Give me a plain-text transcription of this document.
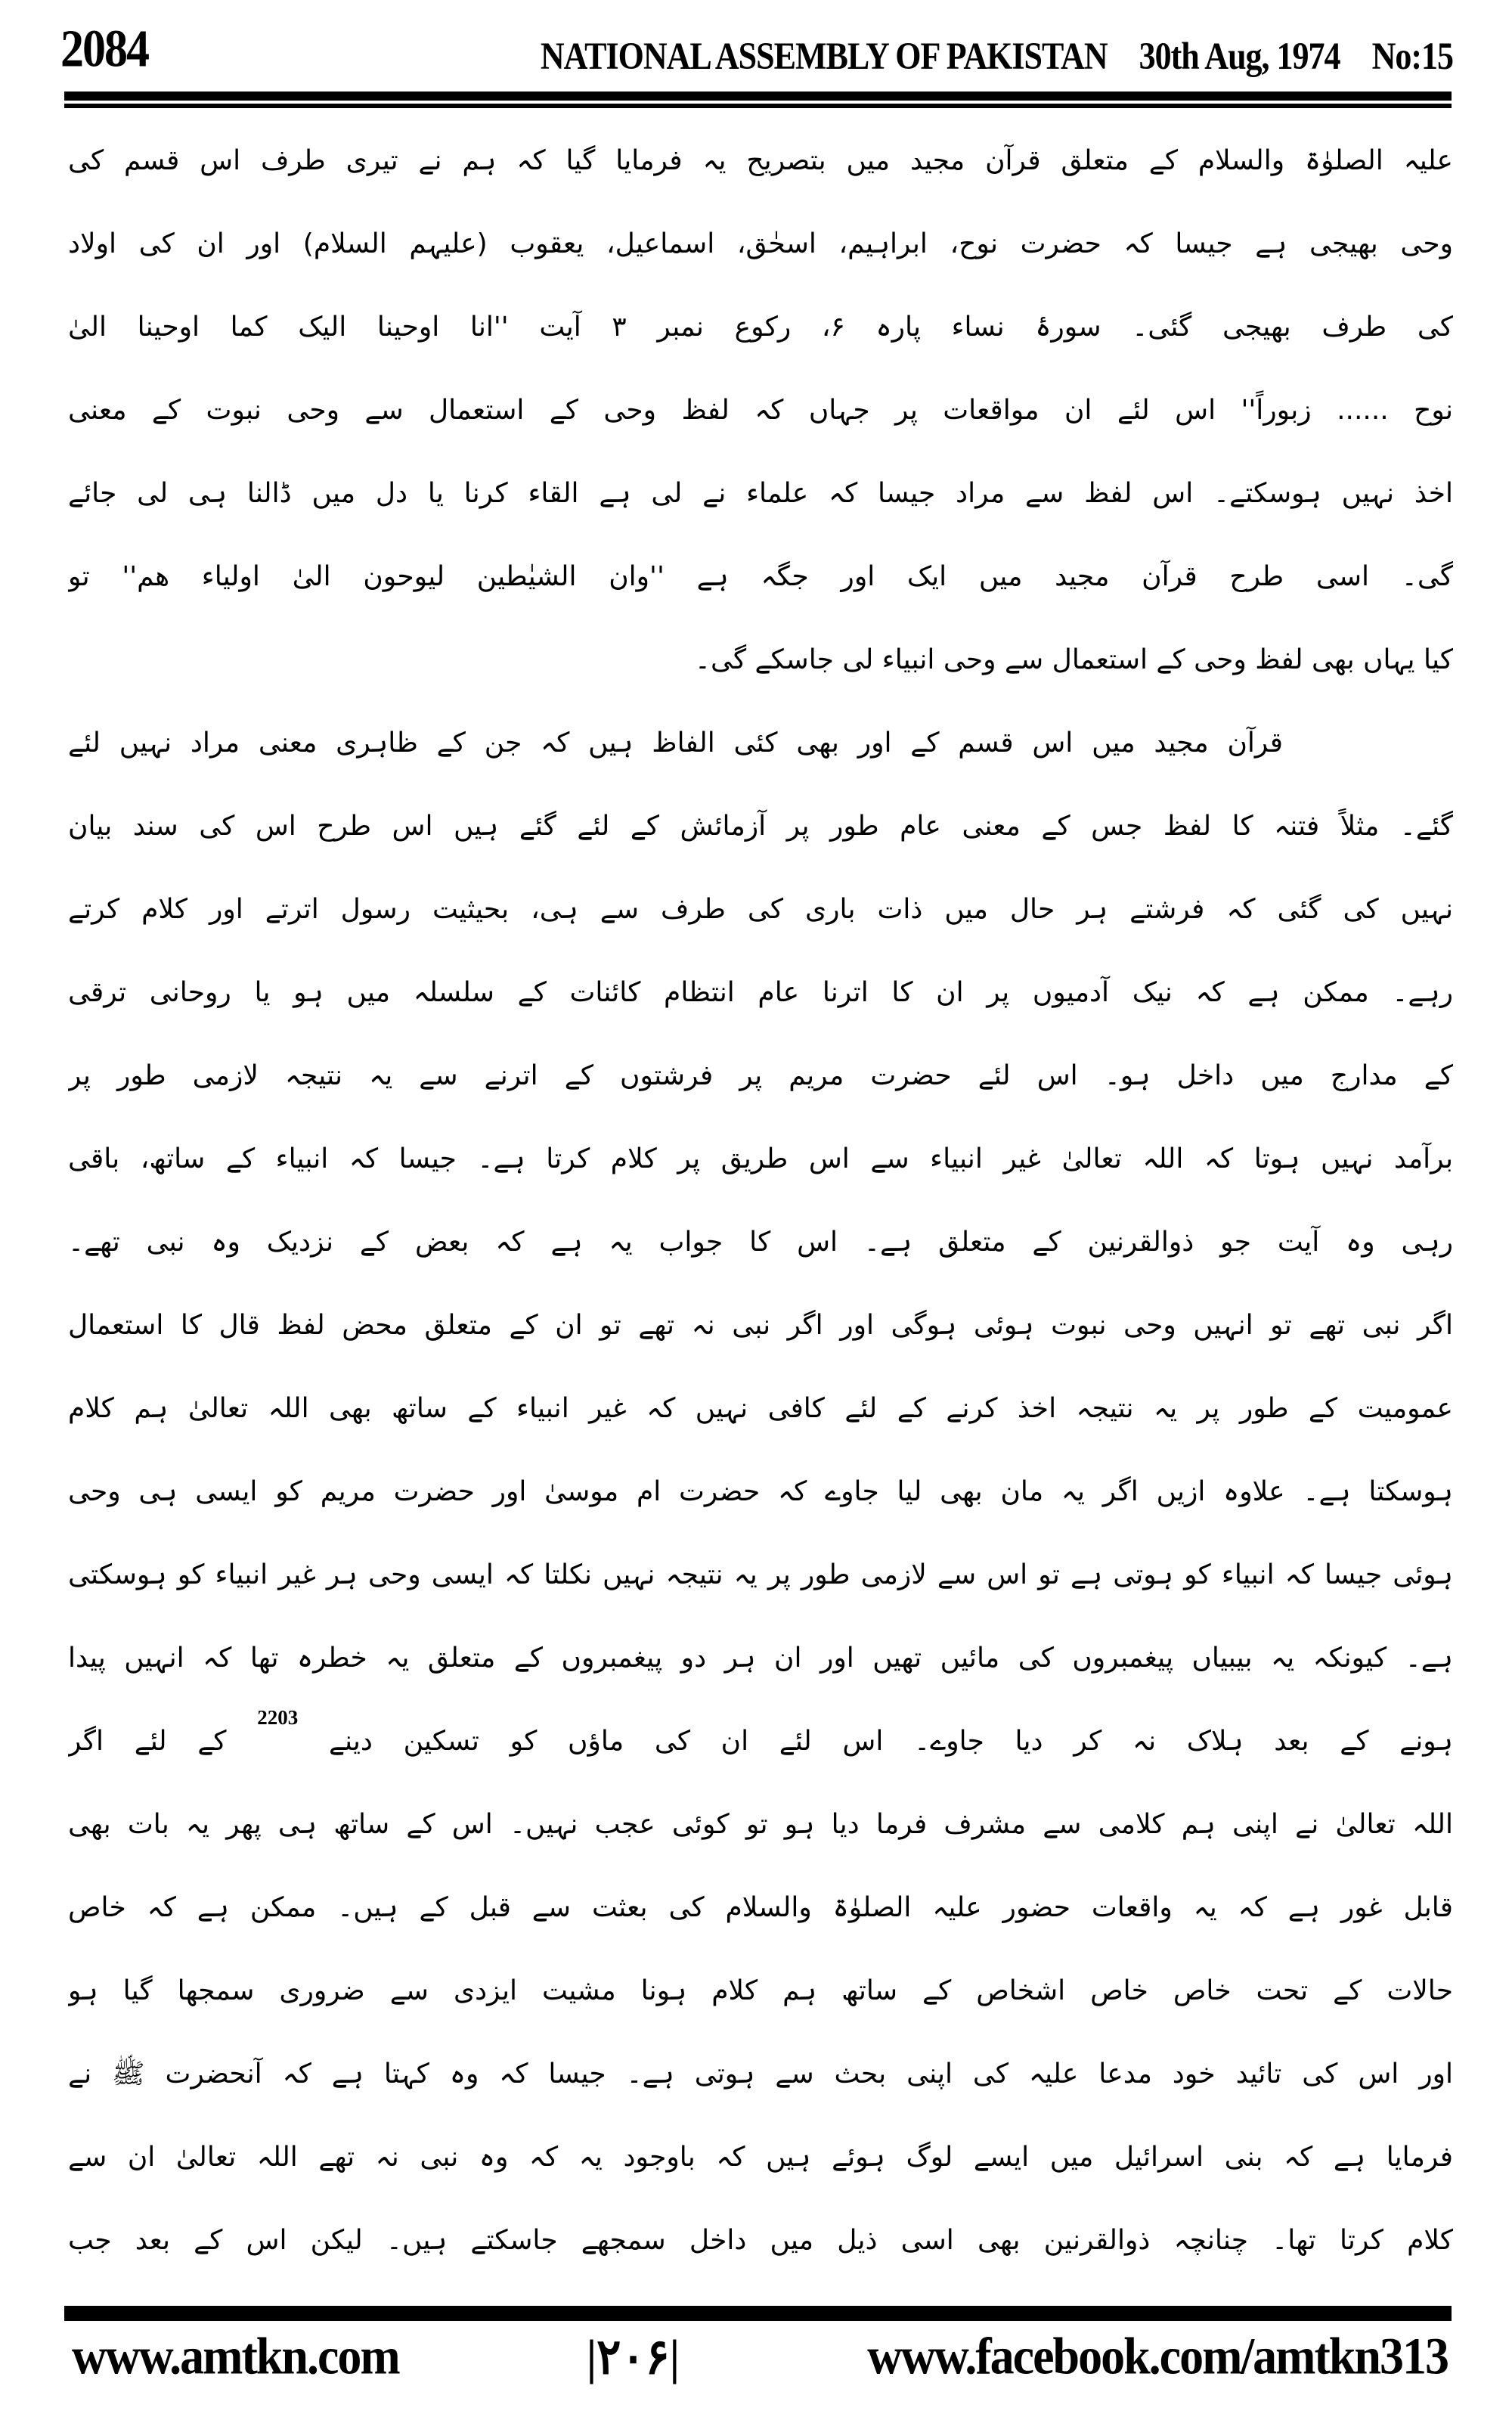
2084	NATIONAL ASSEMBLY OF PAKISTAN 30th Aug, 1974 No:15
علیہ الصلوٰۃ والسلام کے متعلق قرآن مجید میں بتصریح یہ فرمایا گیا کہ ہم نے تیری طرف اس قسم کی
وحی بھیجی ہے جیسا کہ حضرت نوح، ابراہیم، اسحٰق، اسماعیل، یعقوب (علیہم السلام) اور ان کی اولاد
کی طرف بھیجی گئی۔ سورۂ نساء پارہ ۶، رکوع نمبر ۳ آیت ''انا اوحینا الیک کما اوحینا الیٰ
نوح ...... زبوراً'' اس لئے ان مواقعات پر جہاں کہ لفظ وحی کے استعمال سے وحی نبوت کے معنی
اخذ نہیں ہوسکتے۔ اس لفظ سے مراد جیسا کہ علماء نے لی ہے القاء کرنا یا دل میں ڈالنا ہی لی جائے
گی۔ اسی طرح قرآن مجید میں ایک اور جگہ ہے ''وان الشیٰطین لیوحون الیٰ اولیاء ھم'' تو
کیا یہاں بھی لفظ وحی کے استعمال سے وحی انبیاء لی جاسکے گی۔
قرآن مجید میں اس قسم کے اور بھی کئی الفاظ ہیں کہ جن کے ظاہری معنی مراد نہیں لئے
گئے۔ مثلاً فتنہ کا لفظ جس کے معنی عام طور پر آزمائش کے لئے گئے ہیں اس طرح اس کی سند بیان
نہیں کی گئی کہ فرشتے ہر حال میں ذات باری کی طرف سے ہی، بحیثیت رسول اترتے اور کلام کرتے
رہے۔ ممکن ہے کہ نیک آدمیوں پر ان کا اترنا عام انتظام کائنات کے سلسلہ میں ہو یا روحانی ترقی
کے مدارج میں داخل ہو۔ اس لئے حضرت مریم پر فرشتوں کے اترنے سے یہ نتیجہ لازمی طور پر
برآمد نہیں ہوتا کہ اللہ تعالیٰ غیر انبیاء سے اس طریق پر کلام کرتا ہے۔ جیسا کہ انبیاء کے ساتھ، باقی
رہی وہ آیت جو ذوالقرنین کے متعلق ہے۔ اس کا جواب یہ ہے کہ بعض کے نزدیک وہ نبی تھے۔
اگر نبی تھے تو انہیں وحی نبوت ہوئی ہوگی اور اگر نبی نہ تھے تو ان کے متعلق محض لفظ قال کا استعمال
عمومیت کے طور پر یہ نتیجہ اخذ کرنے کے لئے کافی نہیں کہ غیر انبیاء کے ساتھ بھی اللہ تعالیٰ ہم کلام
ہوسکتا ہے۔ علاوہ ازیں اگر یہ مان بھی لیا جاوے کہ حضرت ام موسیٰ اور حضرت مریم کو ایسی ہی وحی
ہوئی جیسا کہ انبیاء کو ہوتی ہے تو اس سے لازمی طور پر یہ نتیجہ نہیں نکلتا کہ ایسی وحی ہر غیر انبیاء کو ہوسکتی
ہے۔ کیونکہ یہ بیبیاں پیغمبروں کی مائیں تھیں اور ان ہر دو پیغمبروں کے متعلق یہ خطرہ تھا کہ انہیں پیدا
ہونے کے بعد ہلاک نہ کر دیا جاوے۔ اس لئے ان کی ماؤں کو تسکین دینے $^{2203}$ کے لئے اگر
اللہ تعالیٰ نے اپنی ہم کلامی سے مشرف فرما دیا ہو تو کوئی عجب نہیں۔ اس کے ساتھ ہی پھر یہ بات بھی
قابل غور ہے کہ یہ واقعات حضور علیہ الصلوٰۃ والسلام کی بعثت سے قبل کے ہیں۔ ممکن ہے کہ خاص
حالات کے تحت خاص خاص اشخاص کے ساتھ ہم کلام ہونا مشیت ایزدی سے ضروری سمجھا گیا ہو
اور اس کی تائید خود مدعا علیہ کی اپنی بحث سے ہوتی ہے۔ جیسا کہ وہ کہتا ہے کہ آنحضرت ﷺ نے
فرمایا ہے کہ بنی اسرائیل میں ایسے لوگ ہوئے ہیں کہ باوجود یہ کہ وہ نبی نہ تھے اللہ تعالیٰ ان سے
کلام کرتا تھا۔ چنانچہ ذوالقرنین بھی اسی ذیل میں داخل سمجھے جاسکتے ہیں۔ لیکن اس کے بعد جب
www.amtkn.com	|۲۰۶|	www.facebook.com/amtkn313
